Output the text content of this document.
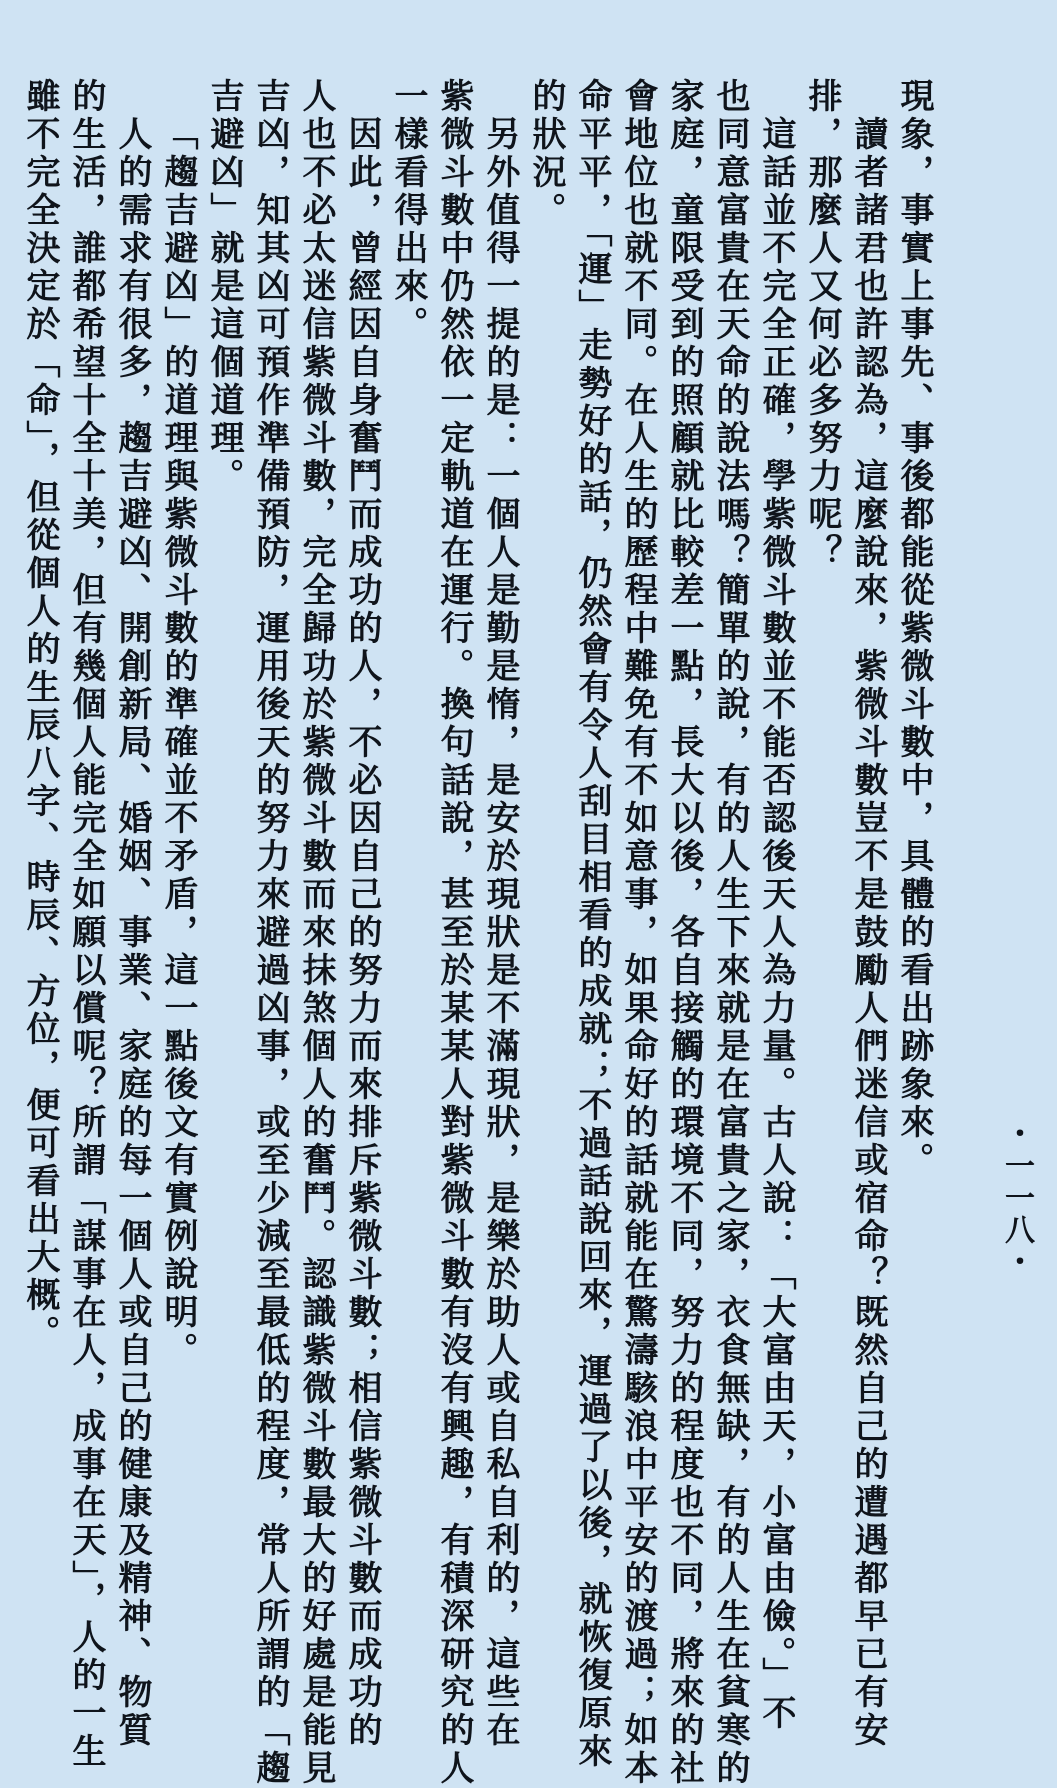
・一一八・
現象，事實上事先、事後都能從紫微斗數中，具體的看出跡象來。
讀者諸君也許認為，這麼說來，紫微斗數豈不是鼓勵人們迷信或宿命？既然自己的遭遇都早已有安
排，那麼人又何必多努力呢？
這話並不完全正確，學紫微斗數並不能否認後天人為力量。古人說：「大富由天，小富由儉。」不
也同意富貴在天命的說法嗎？簡單的說，有的人生下來就是在富貴之家，衣食無缺，有的人生在貧寒的
家庭，童限受到的照顧就比較差一點，長大以後，各自接觸的環境不同，努力的程度也不同，將來的社
會地位也就不同。在人生的歷程中難免有不如意事，如果命好的話就能在驚濤駭浪中平安的渡過；如本
命平平，「運」走勢好的話，仍然會有令人刮目相看的成就；不過話說回來，運過了以後，就恢復原來
的狀況。
另外值得一提的是：一個人是勤是惰，是安於現狀是不滿現狀，是樂於助人或自私自利的，這些在
紫微斗數中仍然依一定軌道在運行。換句話說，甚至於某某人對紫微斗數有沒有興趣，有積深研究的人
一樣看得出來。
因此，曾經因自身奮鬥而成功的人，不必因自己的努力而來排斥紫微斗數；相信紫微斗數而成功的
人也不必太迷信紫微斗數，完全歸功於紫微斗數而來抹煞個人的奮鬥。認識紫微斗數最大的好處是能見
吉凶，知其凶可預作準備預防，運用後天的努力來避過凶事，或至少減至最低的程度，常人所謂的「趨
吉避凶」就是這個道理。
「趨吉避凶」的道理與紫微斗數的準確並不矛盾，這一點後文有實例說明。
人的需求有很多，趨吉避凶、開創新局、婚姻、事業、家庭的每一個人或自己的健康及精神、物質
的生活，誰都希望十全十美，但有幾個人能完全如願以償呢？所謂「謀事在人，成事在天」，人的一生
雖不完全決定於「命」，但從個人的生辰八字、時辰、方位，便可看出大概。
